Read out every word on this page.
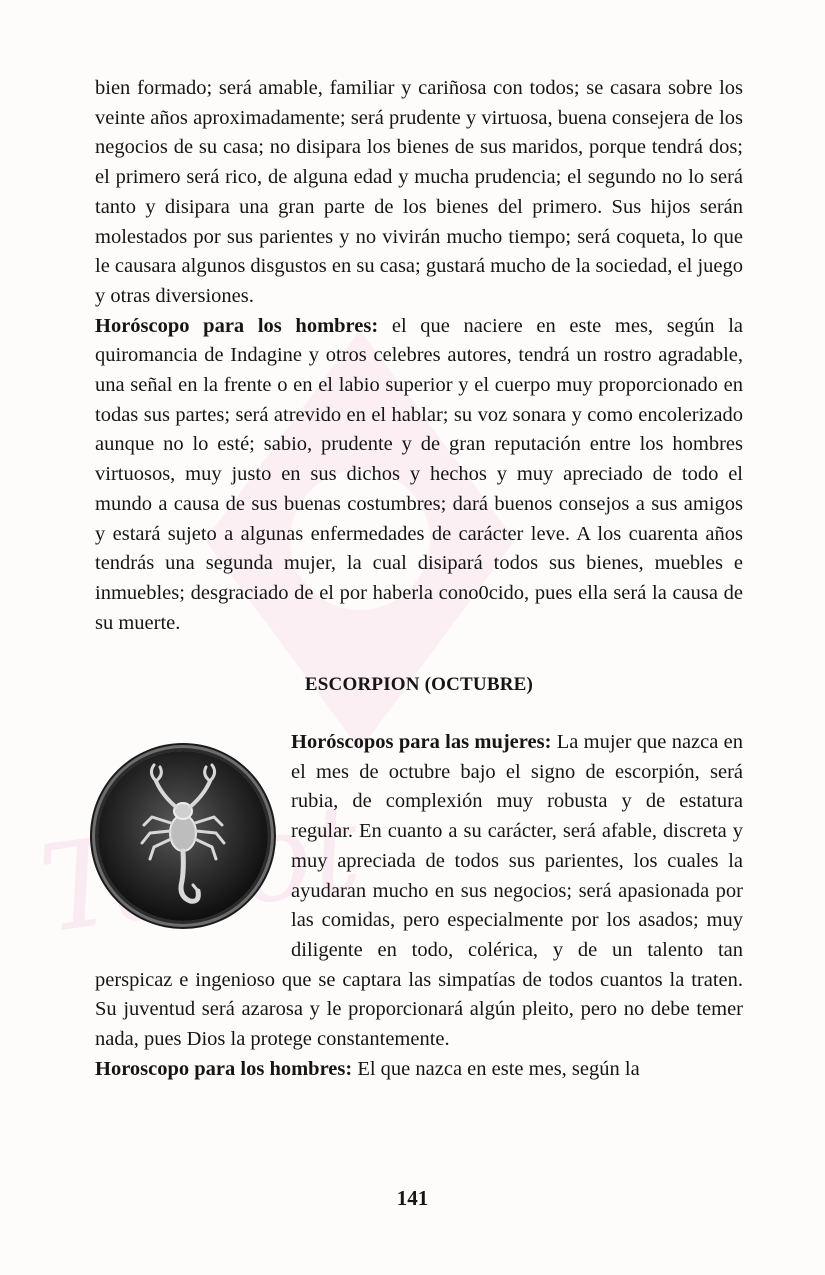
bien formado; será amable, familiar y cariñosa con todos; se casara sobre los veinte años aproximadamente; será prudente y virtuosa, buena consejera de los negocios de su casa; no disipara los bienes de sus maridos, porque tendrá dos; el primero será rico, de alguna edad y mucha prudencia; el segundo no lo será tanto y disipara una gran parte de los bienes del primero. Sus hijos serán molestados por sus parientes y no vivirán mucho tiempo; será coqueta, lo que le causara algunos disgustos en su casa; gustará mucho de la sociedad, el juego y otras diversiones.

Horóscopo para los hombres: el que naciere en este mes, según la quiromancia de Indagine y otros celebres autores, tendrá un rostro agradable, una señal en la frente o en el labio superior y el cuerpo muy proporcionado en todas sus partes; será atrevido en el hablar; su voz sonara y como encolerizado aunque no lo esté; sabio, prudente y de gran reputación entre los hombres virtuosos, muy justo en sus dichos y hechos y muy apreciado de todo el mundo a causa de sus buenas costumbres; dará buenos consejos a sus amigos y estará sujeto a algunas enfermedades de carácter leve. A los cuarenta años tendrás una segunda mujer, la cual disipará todos sus bienes, muebles e inmuebles; desgraciado de el por haberla cono0cido, pues ella será la causa de su muerte.

ESCORPION (OCTUBRE)

Horóscopos para las mujeres: La mujer que nazca en el mes de octubre bajo el signo de escorpión, será rubia, de complexión muy robusta y de estatura regular. En cuanto a su carácter, será afable, discreta y muy apreciada de todos sus parientes, los cuales la ayudaran mucho en sus negocios; será apasionada por las comidas, pero especialmente por los asados; muy diligente en todo, colérica, y de un talento tan perspicaz e ingenioso que se captara las simpatías de todos cuantos la traten. Su juventud será azarosa y le proporcionará algún pleito, pero no debe temer nada, pues Dios la protege constantemente.

Horoscopo para los hombres: El que nazca en este mes, según la

141
